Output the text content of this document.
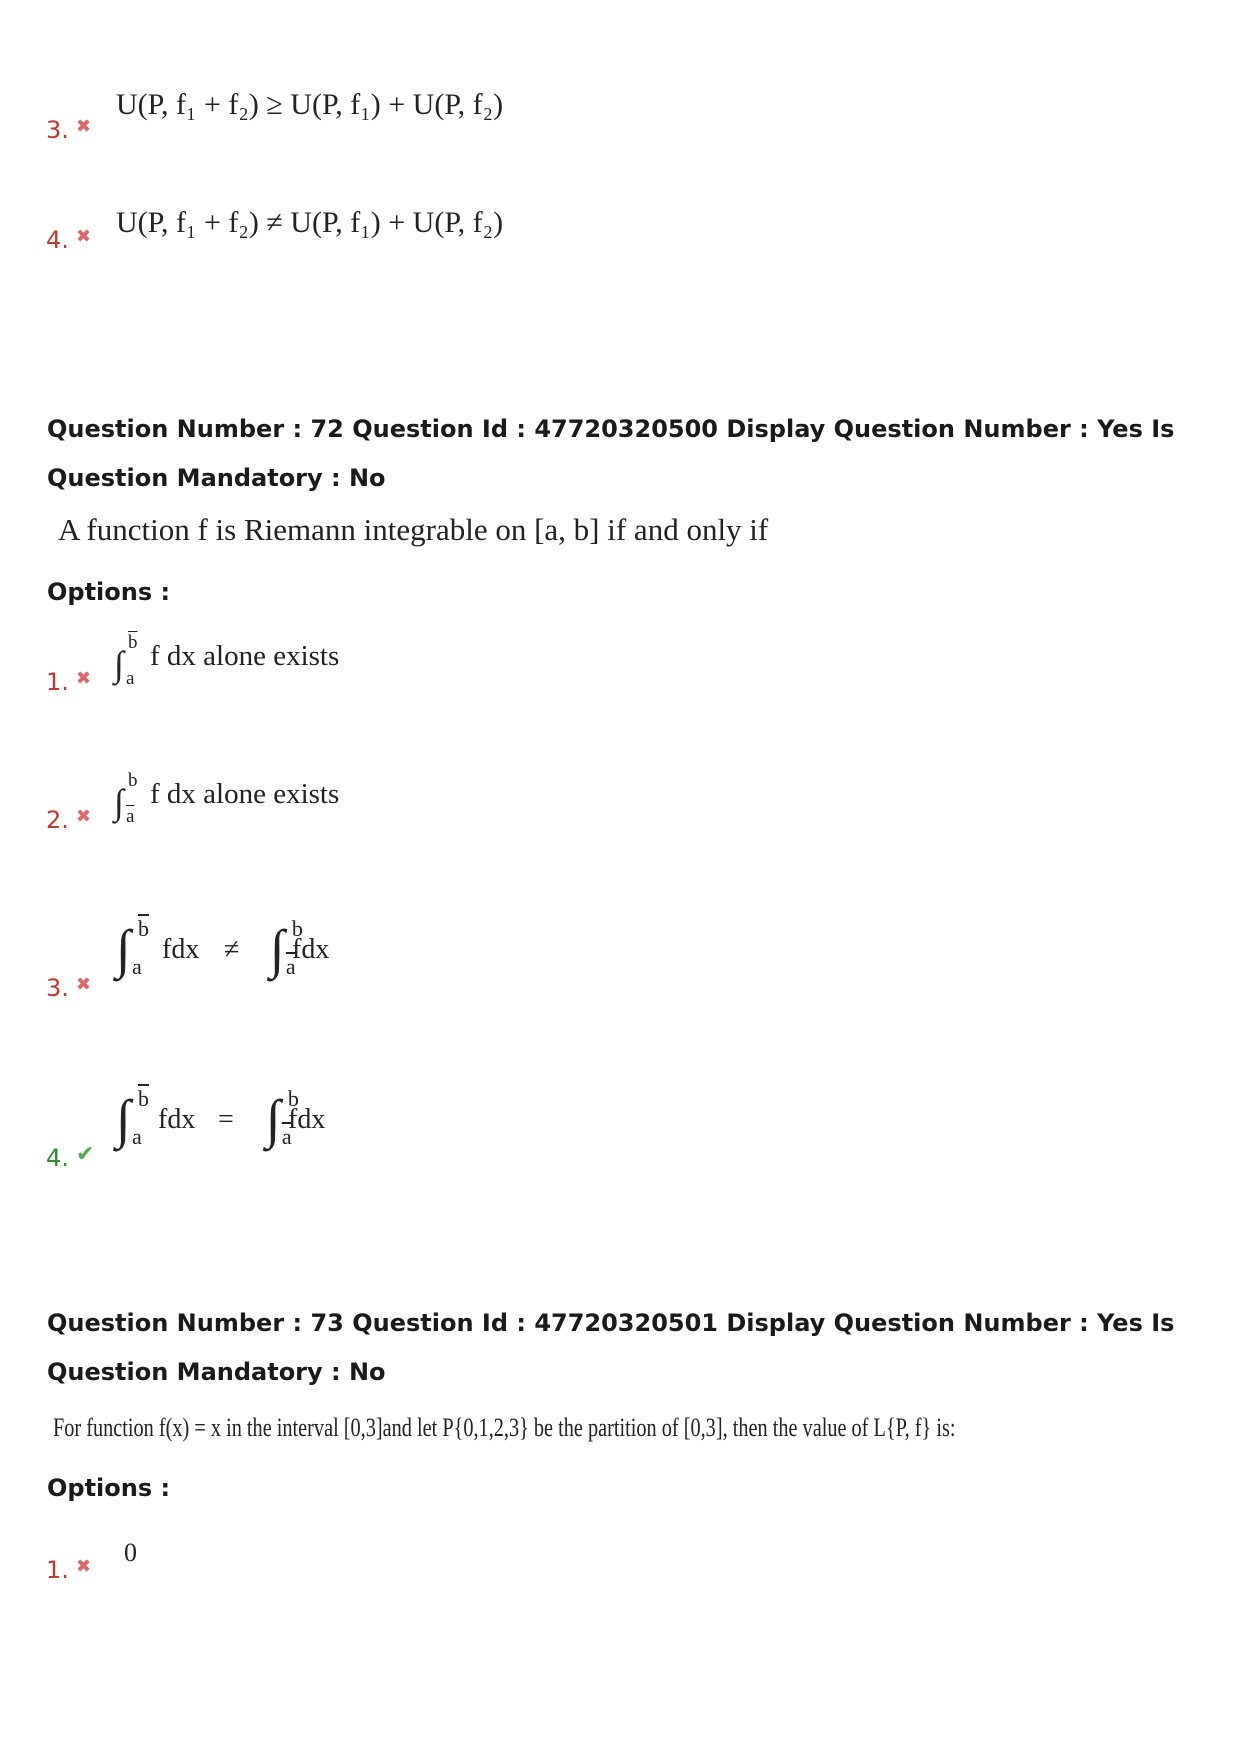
3. ✖
U(P, f₁ + f₂) ≥ U(P, f₁) + U(P, f₂)
4. ✖ U(P, f₁ + f₂) ≠ U(P, f₁) + U(P, f₂)
Question Number : 72 Question Id : 47720320500 Display Question Number : Yes Is Question Mandatory : No
A function f is Riemann integrable on [a, b] if and only if
Options :
1. ✖ ∫
$\overline{b}$
a
f dx alone exists
2. ✖ ∫
b
$\overline{a}$
f dx alone exists
3. ✖
∫ $\overline{b}$
a

fdx ≠ ∫ b
$\overline{a}$
fdx
4. ✔
∫ $\overline{b}$
a

fdx = ∫ b
$\overline{a}$
fdx
Question Number : 73 Question Id : 47720320501 Display Question Number : Yes Is Question Mandatory : No
For function f(x) = x in the interval [0,3]and let P{0,1,2,3} be the partition of [0,3], then the value of L{P, f} is:
Options :
1. ✖ 0
